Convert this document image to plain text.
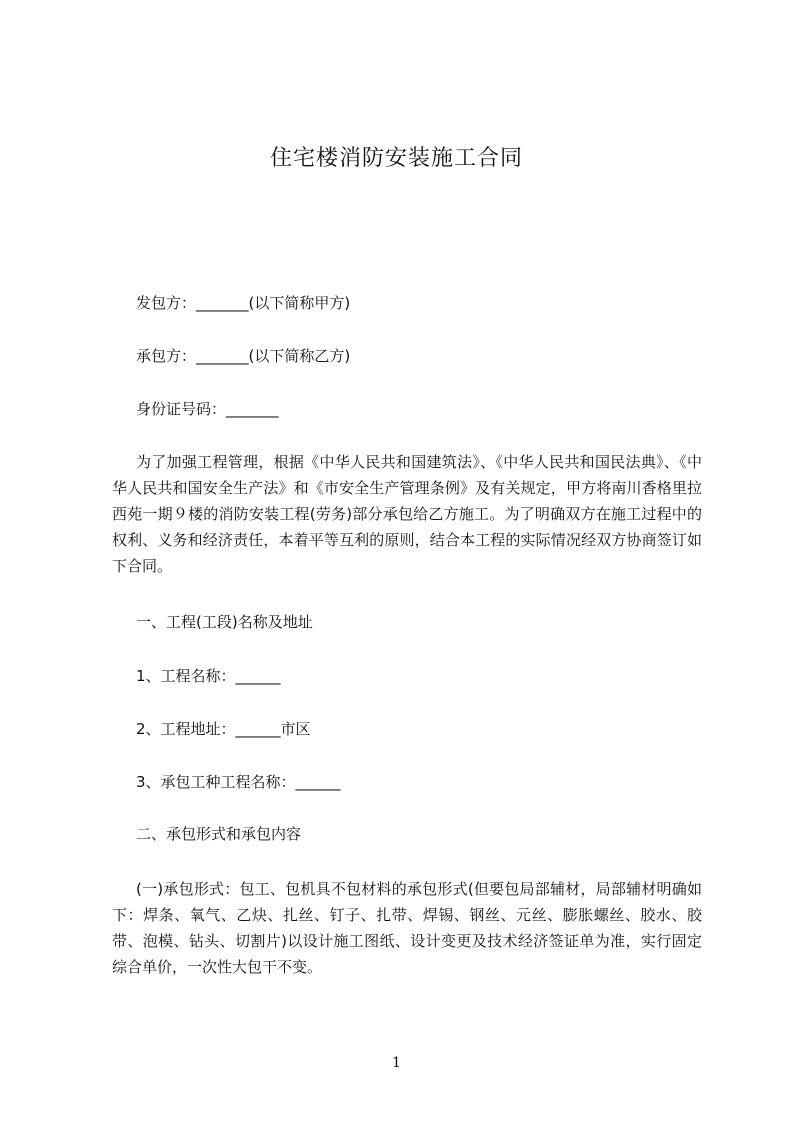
住宅楼消防安装施工合同
发包方：_______(以下简称甲方)
承包方：_______(以下简称乙方)
身份证号码：_______
为了加强工程管理，根据《中华人民共和国建筑法》、《中华人民共和国民法典》、《中华人民共和国安全生产法》和《市安全生产管理条例》及有关规定，甲方将南川香格里拉西苑一期９楼的消防安装工程(劳务)部分承包给乙方施工。为了明确双方在施工过程中的权利、义务和经济责任，本着平等互利的原则，结合本工程的实际情况经双方协商签订如下合同。
一、工程(工段)名称及地址
1、工程名称：______
2、工程地址：______市区
3、承包工种工程名称：______
二、承包形式和承包内容
(一)承包形式：包工、包机具不包材料的承包形式(但要包局部辅材，局部辅材明确如下：焊条、氧气、乙炔、扎丝、钉子、扎带、焊锡、钢丝、元丝、膨胀螺丝、胶水、胶带、泡模、钻头、切割片)以设计施工图纸、设计变更及技术经济签证单为准，实行固定综合单价，一次性大包干不变。
1
